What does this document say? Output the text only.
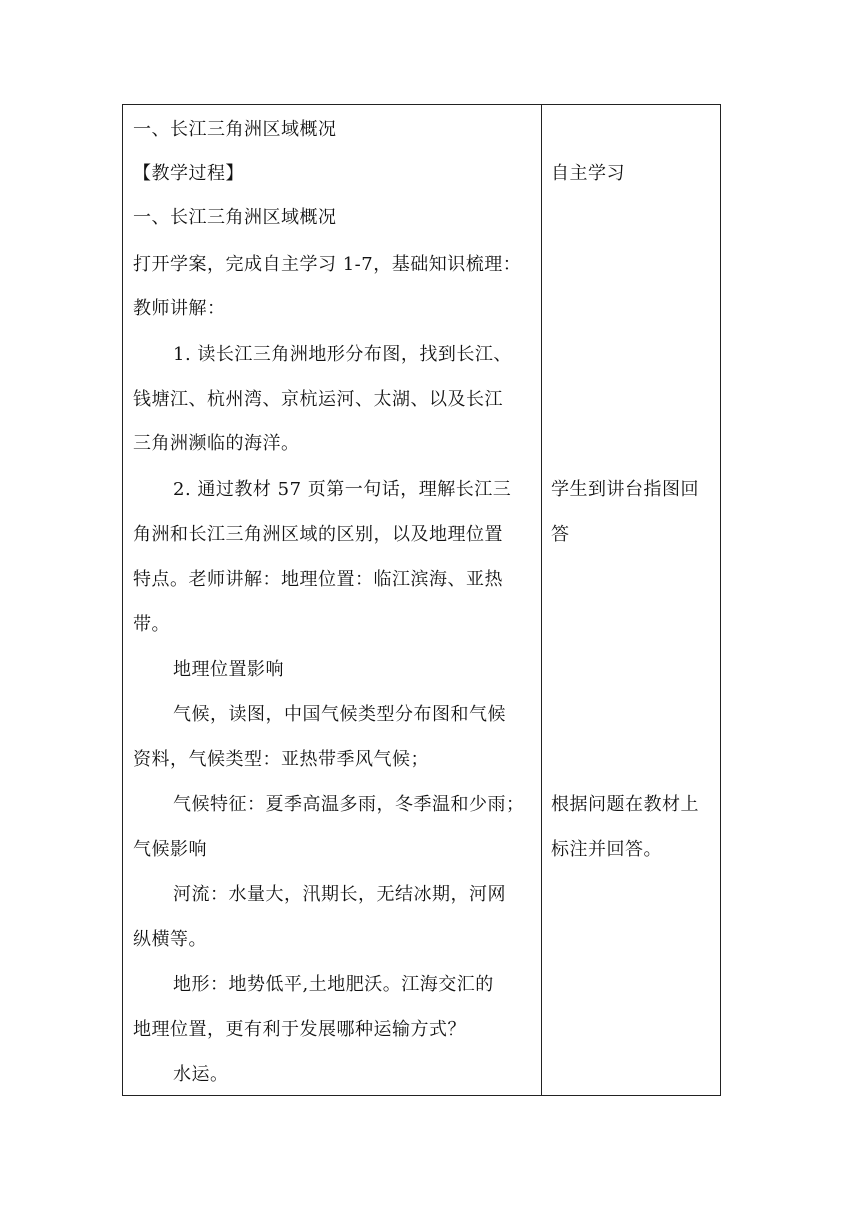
一、长江三角洲区域概况
【教学过程】
一、长江三角洲区域概况
打开学案，完成自主学习 1-7，基础知识梳理：
教师讲解：
1. 读长江三角洲地形分布图，找到长江、
钱塘江、杭州湾、京杭运河、太湖、以及长江
三角洲濒临的海洋。
2. 通过教材 57 页第一句话，理解长江三
角洲和长江三角洲区域的区别，以及地理位置
特点。老师讲解：地理位置：临江滨海、亚热
带。
地理位置影响
气候，读图，中国气候类型分布图和气候
资料，气候类型：亚热带季风气候；
气候特征：夏季高温多雨，冬季温和少雨；
气候影响
河流：水量大，汛期长，无结冰期，河网
纵横等。
地形：地势低平,土地肥沃。江海交汇的
地理位置，更有利于发展哪种运输方式？
水运。
自主学习
学生到讲台指图回
答
根据问题在教材上
标注并回答。
